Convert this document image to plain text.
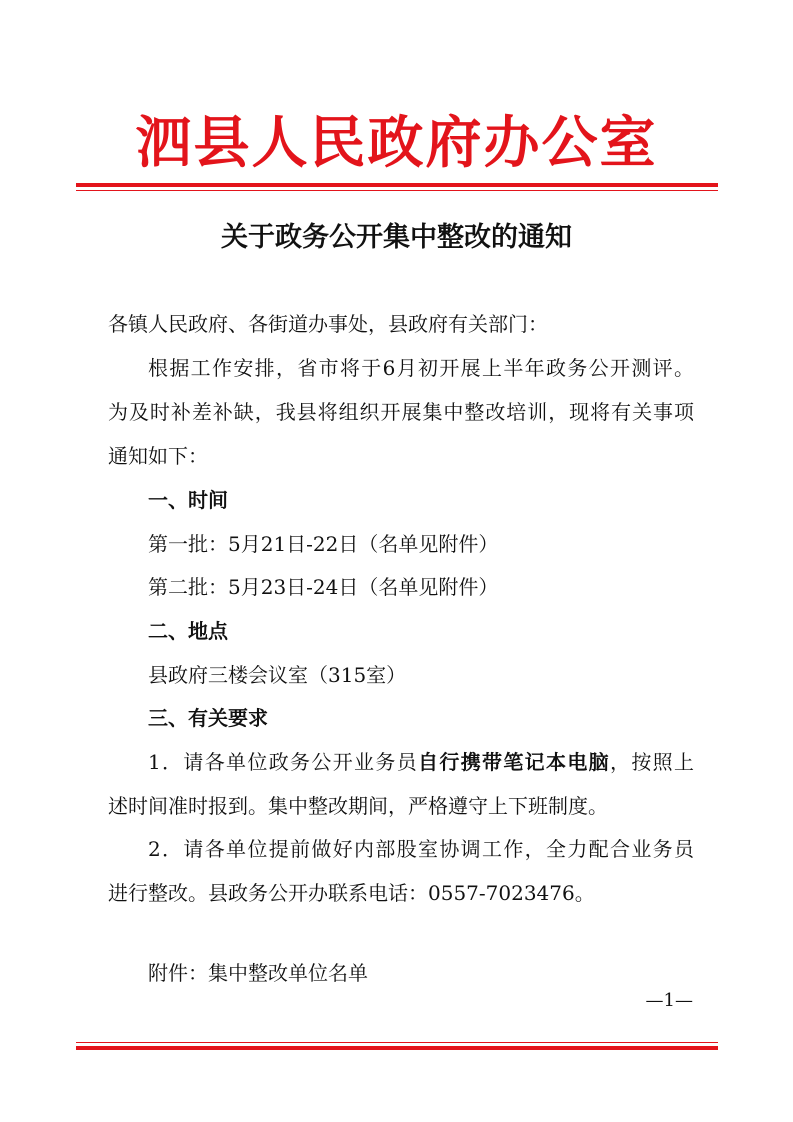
泗县人民政府办公室
关于政务公开集中整改的通知
各镇人民政府、各街道办事处，县政府有关部门：
根据工作安排，省市将于6月初开展上半年政务公开测评。
为及时补差补缺，我县将组织开展集中整改培训，现将有关事项
通知如下：
一、时间
第一批：5月21日-22日（名单见附件）
第二批：5月23日-24日（名单见附件）
二、地点
县政府三楼会议室（315室）
三、有关要求
1．请各单位政务公开业务员自行携带笔记本电脑，按照上
述时间准时报到。集中整改期间，严格遵守上下班制度。
2．请各单位提前做好内部股室协调工作，全力配合业务员
进行整改。县政务公开办联系电话：0557-7023476。
附件：集中整改单位名单
—1—
